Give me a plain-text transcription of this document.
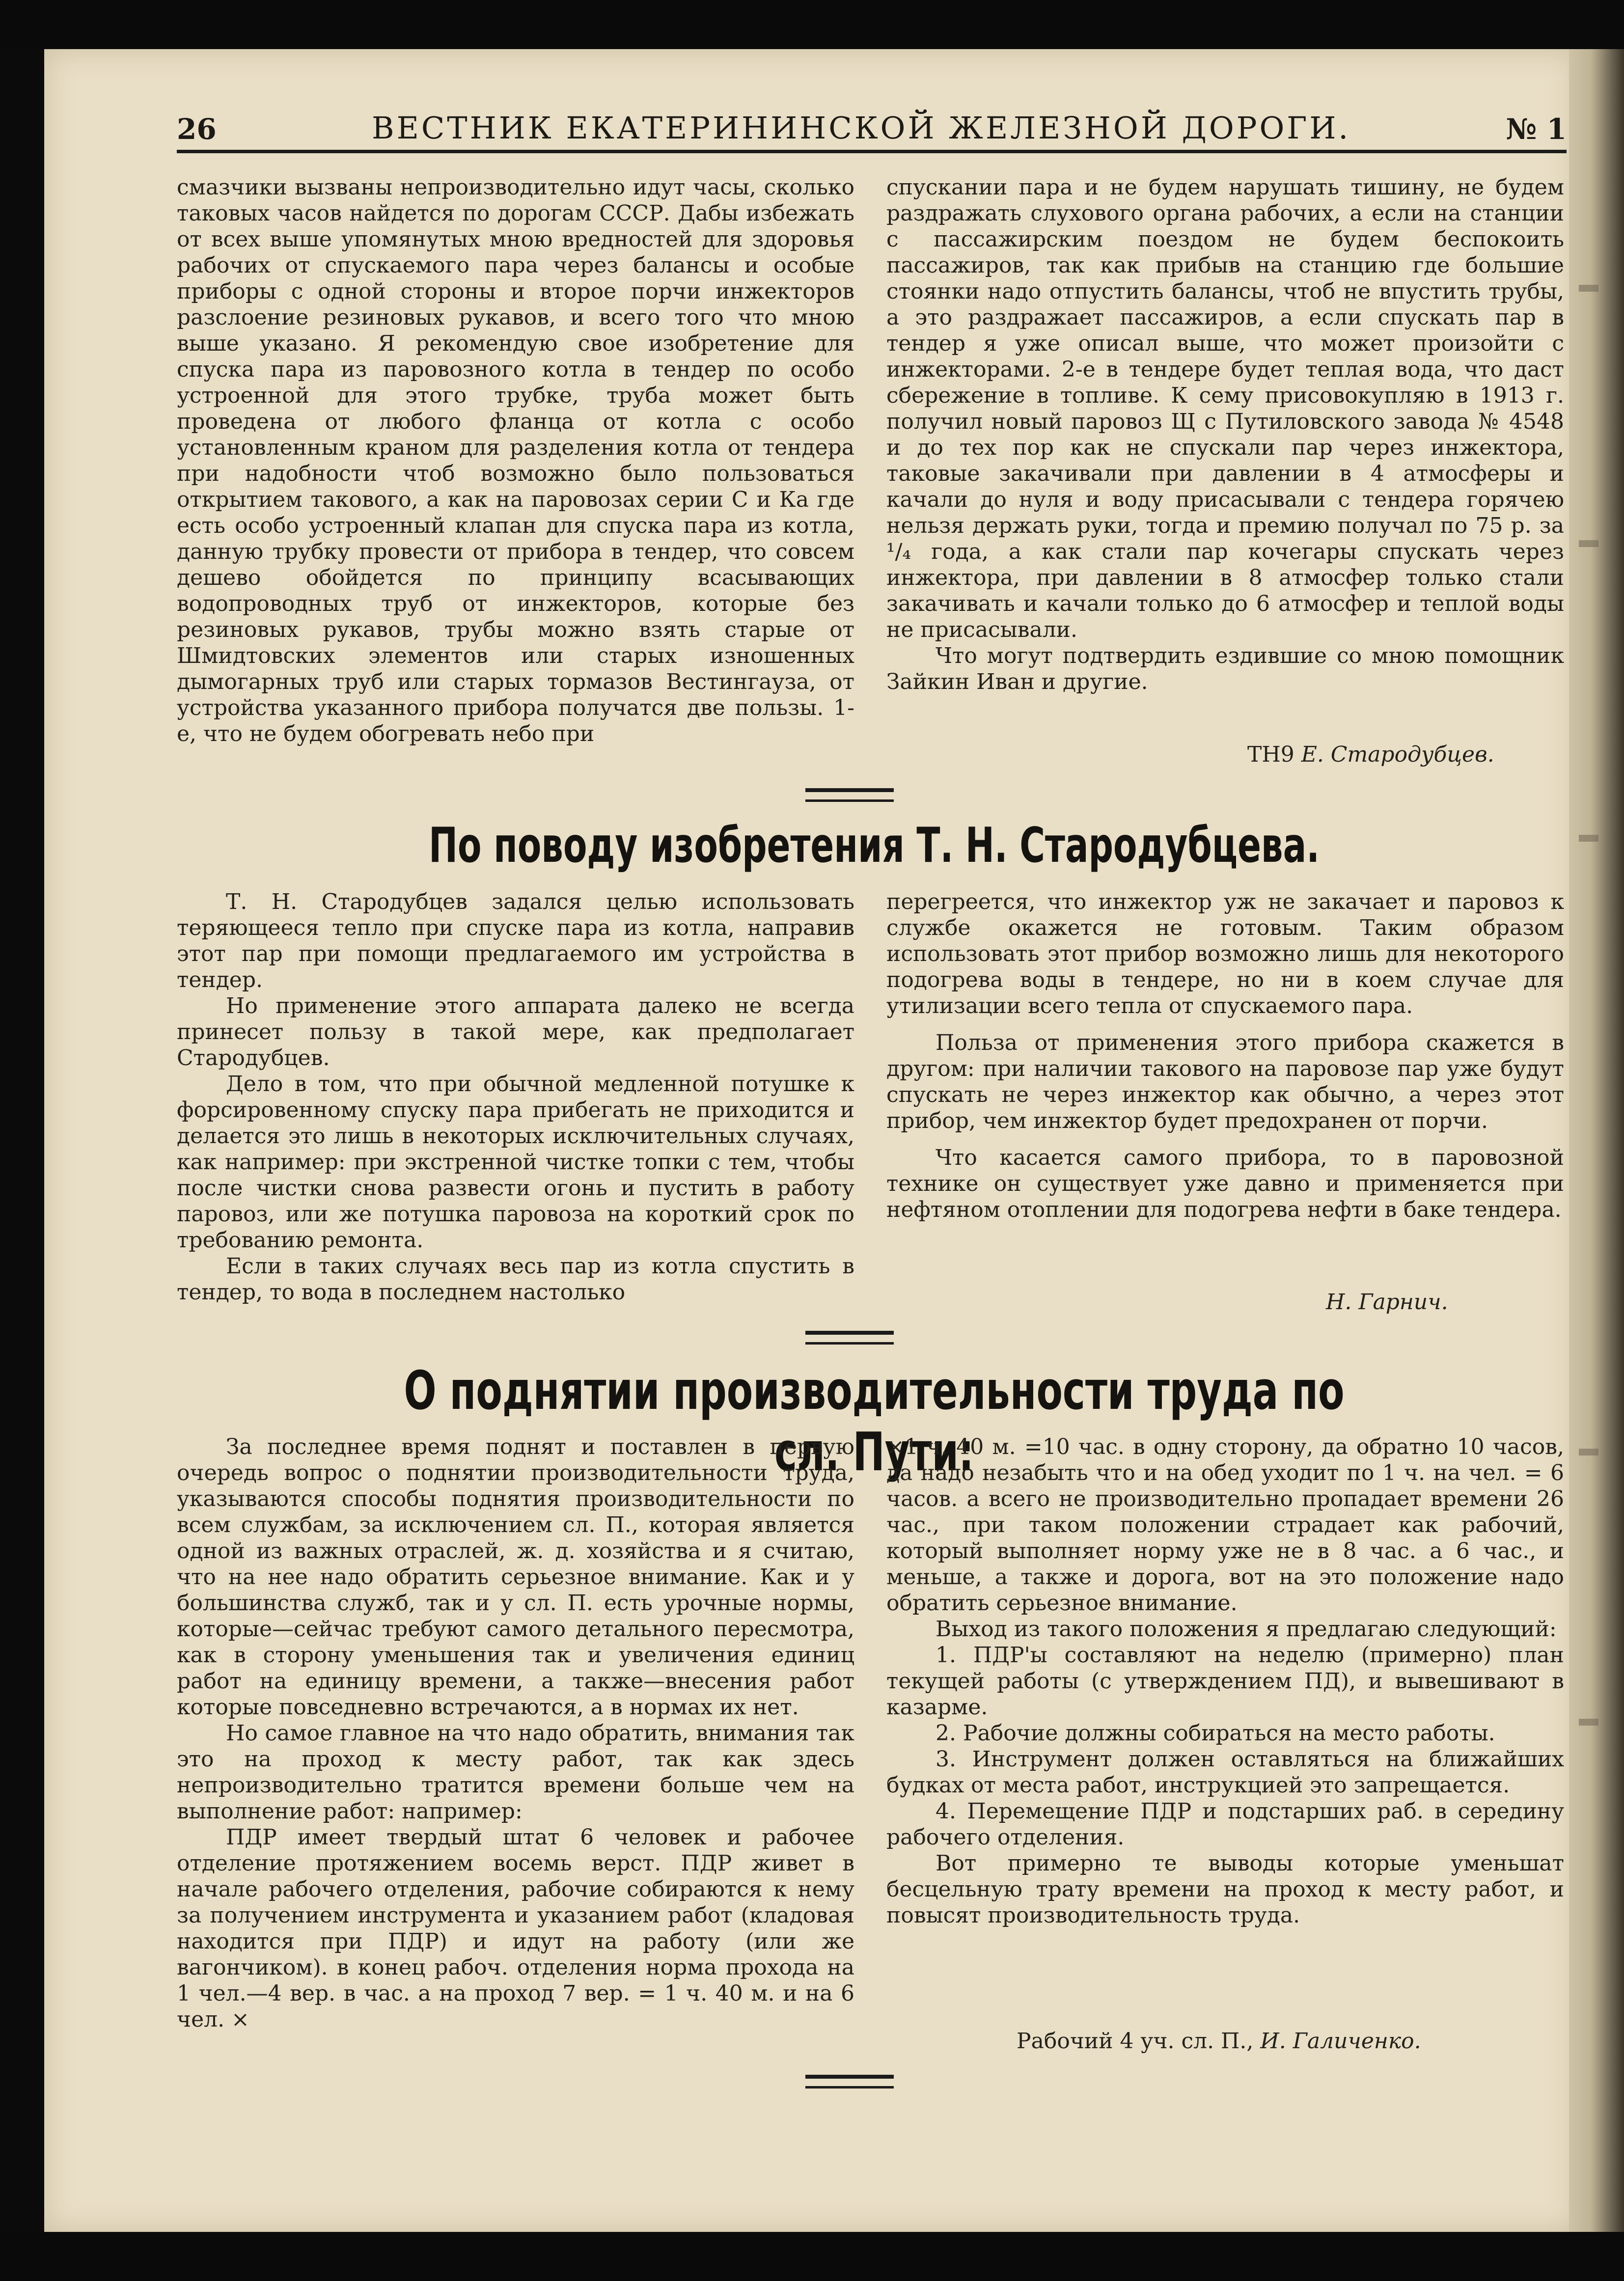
26	ВЕСТНИК ЕКАТЕРИНИНСКОЙ ЖЕЛЕЗНОЙ ДОРОГИ.	№ 1

смазчики вызваны непроизводительно идут часы, сколько таковых часов найдется по дорогам СССР. Дабы избежать от всех выше упомянутых мною вредностей для здоровья рабочих от спускаемого пара через балансы и особые приборы с одной стороны и второе порчи инжекторов разслоение резиновых рукавов, и всего того что мною выше указано. Я рекомендую свое изобретение для спуска пара из паровозного котла в тендер по особо устроенной для этого трубке, труба может быть проведена от любого фланца от котла с особо установленным краном для разделения котла от тендера при надобности чтоб возможно было пользоваться открытием такового, а как на паровозах серии С и Ка где есть особо устроенный клапан для спуска пара из котла, данную трубку провести от прибора в тендер, что совсем дешево обойдется по принципу всасывающих водопроводных труб от инжекторов, которые без резиновых рукавов, трубы можно взять старые от Шмидтовских элементов или старых изношенных дымогарных труб или старых тормазов Вестингауза, от устройства указанного прибора получатся две пользы. 1-е, что не будем обогревать небо при

спускании пара и не будем нарушать тишину, не будем раздражать слухового органа рабочих, а если на станции с пассажирским поездом не будем беспокоить пассажиров, так как прибыв на станцию где большие стоянки надо отпустить балансы, чтоб не впустить трубы, а это раздражает пассажиров, а если спускать пар в тендер я уже описал выше, что может произойти с инжекторами. 2-е в тендере будет теплая вода, что даст сбережение в топливе. К сему присовокупляю в 1913 г. получил новый паровоз Щ с Путиловского завода № 4548 и до тех пор как не спускали пар через инжектора, таковые закачивали при давлении в 4 атмосферы и качали до нуля и воду присасывали с тендера горячею нельзя держать руки, тогда и премию получал по 75 р. за ¹/₄ года, а как стали пар кочегары спускать через инжектора, при давлении в 8 атмосфер только стали закачивать и качали только до 6 атмосфер и теплой воды не присасывали.

Что могут подтвердить ездившие со мною помощник Зайкин Иван и другие.

ТН9 Е. Стародубцев.
По поводу изобретения Т. Н. Стародубцева.

Т. Н. Стародубцев задался целью использовать теряющееся тепло при спуске пара из котла, направив этот пар при помощи предлагаемого им устройства в тендер.

Но применение этого аппарата далеко не всегда принесет пользу в такой мере, как предполагает Стародубцев.

Дело в том, что при обычной медленной потушке к форсировенному спуску пара прибегать не приходится и делается это лишь в некоторых исключительных случаях, как например: при экстренной чистке топки с тем, чтобы после чистки снова развести огонь и пустить в работу паровоз, или же потушка паровоза на короткий срок по требованию ремонта.

Если в таких случаях весь пар из котла спустить в тендер, то вода в последнем настолько

перегреется, что инжектор уж не закачает и паровоз к службе окажется не готовым. Таким образом использовать этот прибор возможно лишь для некоторого подогрева воды в тендере, но ни в коем случае для утилизации всего тепла от спускаемого пара.

Польза от применения этого прибора скажется в другом: при наличии такового на паровозе пар уже будут спускать не через инжектор как обычно, а через этот прибор, чем инжектор будет предохранен от порчи.

Что касается самого прибора, то в паровозной технике он существует уже давно и применяется при нефтяном отоплении для подогрева нефти в баке тендера.

Н. Гарнич.
О поднятии производительности труда по сл. Пути:

За последнее время поднят и поставлен в первую очередь вопрос о поднятии производительности труда, указываются способы поднятия производительности по всем службам, за исключением сл. П., которая является одной из важных отраслей, ж. д. хозяйства и я считаю, что на нее надо обратить серьезное внимание. Как и у большинства служб, так и у сл. П. есть урочные нормы, которые—сейчас требуют самого детального пересмотра, как в сторону уменьшения так и увеличения единиц работ на единицу времени, а также—внесения работ которые повседневно встречаются, а в нормах их нет.

Но самое главное на что надо обратить, внимания так это на проход к месту работ, так как здесь непроизводительно тратится времени больше чем на выполнение работ: например:

ПДР имеет твердый штат 6 человек и рабочее отделение протяжением восемь верст. ПДР живет в начале рабочего отделения, рабочие собираются к нему за получением инструмента и указанием работ (кладовая находится при ПДР) и идут на работу (или же вагончиком). в конец рабоч. отделения норма прохода на 1 чел.—4 вер. в час. а на проход 7 вер. = 1 ч. 40 м. и на 6 чел. ×

×1 ч. 40 м. =10 час. в одну сторону, да обратно 10 часов, да надо незабыть что и на обед уходит по 1 ч. на чел. = 6 часов. а всего не производительно пропадает времени 26 час., при таком положении страдает как рабочий, который выполняет норму уже не в 8 час. а 6 час., и меньше, а также и дорога, вот на это положение надо обратить серьезное внимание.

Выход из такого положения я предлагаю следующий:

1. ПДР'ы составляют на неделю (примерно) план текущей работы (с утверждением ПД), и вывешивают в казарме.

2. Рабочие должны собираться на место работы.

3. Инструмент должен оставляться на ближайших будках от места работ, инструкцией это запрещается.

4. Перемещение ПДР и подстарших раб. в середину рабочего отделения.

Вот примерно те выводы которые уменьшат бесцельную трату времени на проход к месту работ, и повысят производительность труда.

Рабочий 4 уч. сл. П., И. Галиченко.
